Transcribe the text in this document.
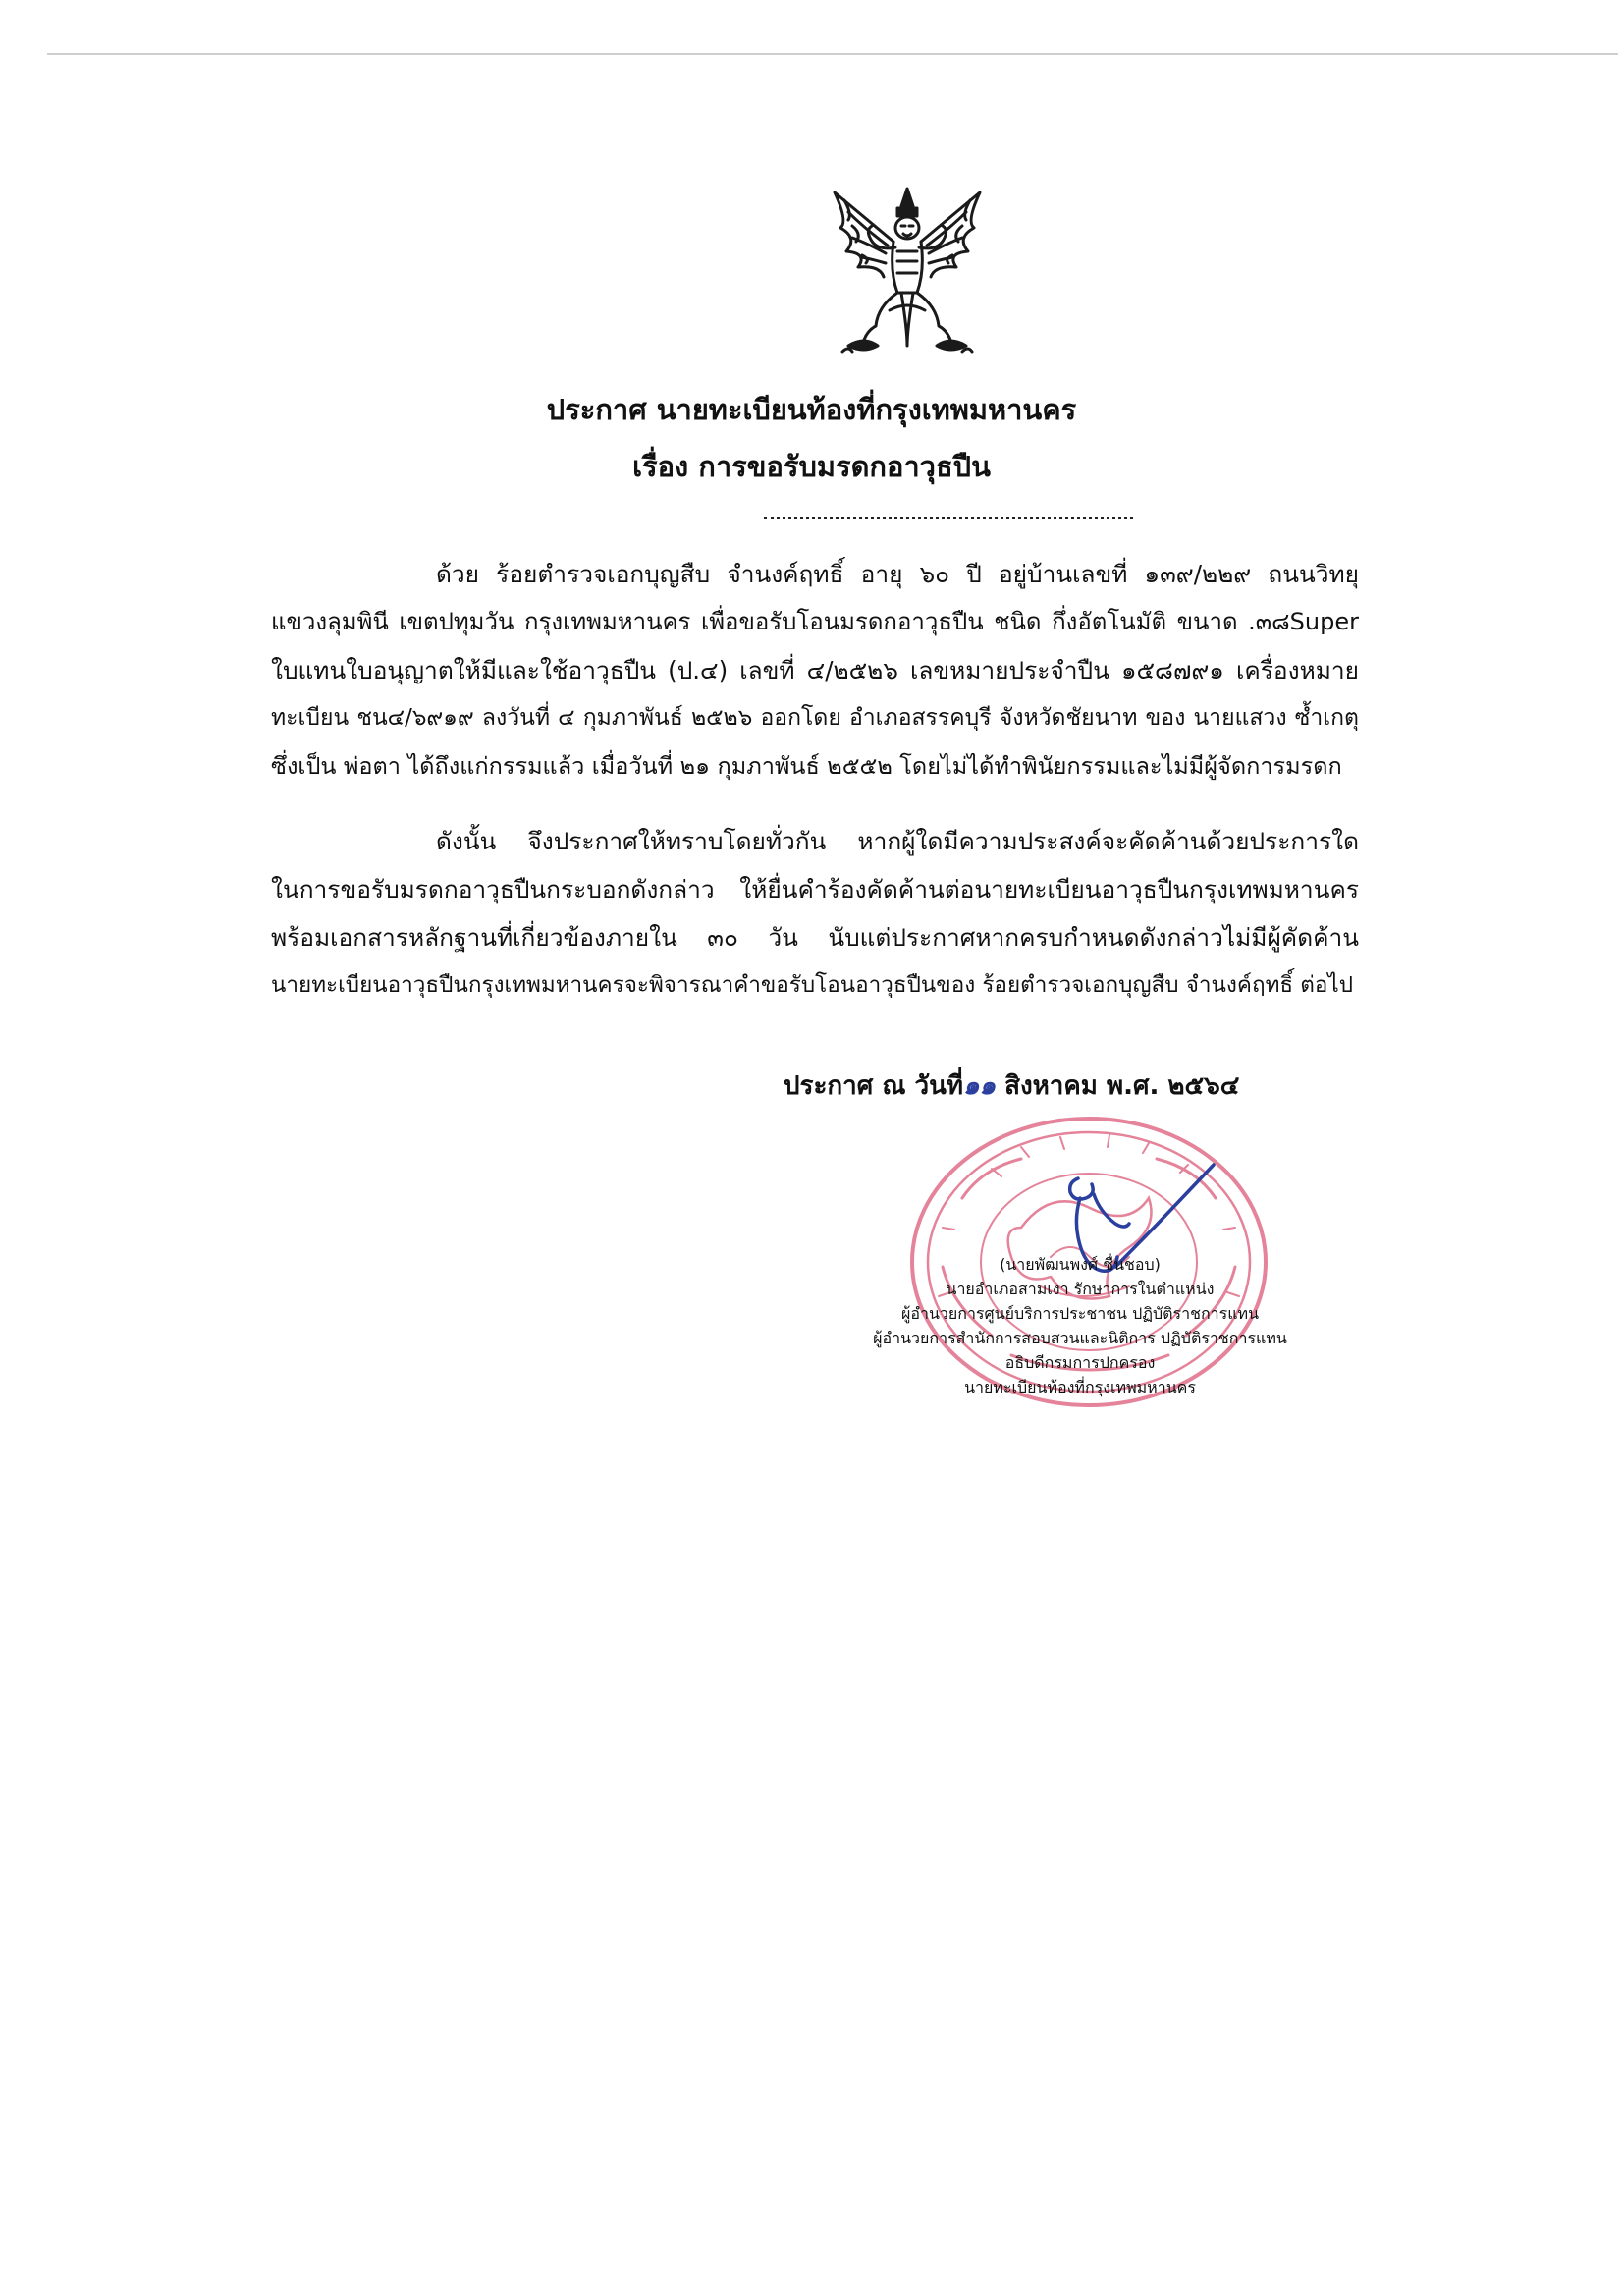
ประกาศ นายทะเบียนท้องที่กรุงเทพมหานคร
เรื่อง การขอรับมรดกอาวุธปืน
ด้วย ร้อยตำรวจเอกบุญสืบ จำนงค์ฤทธิ์ อายุ ๖๐ ปี อยู่บ้านเลขที่ ๑๓๙/๒๒๙ ถนนวิทยุ
แขวงลุมพินี เขตปทุมวัน กรุงเทพมหานคร เพื่อขอรับโอนมรดกอาวุธปืน ชนิด กึ่งอัตโนมัติ ขนาด .๓๘Super
ใบแทนใบอนุญาตให้มีและใช้อาวุธปืน (ป.๔) เลขที่ ๔/๒๕๒๖ เลขหมายประจำปืน ๑๕๘๗๙๑ เครื่องหมาย
ทะเบียน ชน๔/๖๙๑๙ ลงวันที่ ๔ กุมภาพันธ์ ๒๕๒๖ ออกโดย อำเภอสรรคบุรี จังหวัดชัยนาท ของ นายแสวง ซ้ำเกตุ
ซึ่งเป็น พ่อตา ได้ถึงแก่กรรมแล้ว เมื่อวันที่ ๒๑ กุมภาพันธ์ ๒๕๕๒ โดยไม่ได้ทำพินัยกรรมและไม่มีผู้จัดการมรดก
ดังนั้น จึงประกาศให้ทราบโดยทั่วกัน หากผู้ใดมีความประสงค์จะคัดค้านด้วยประการใด
ในการขอรับมรดกอาวุธปืนกระบอกดังกล่าว ให้ยื่นคำร้องคัดค้านต่อนายทะเบียนอาวุธปืนกรุงเทพมหานคร
พร้อมเอกสารหลักฐานที่เกี่ยวข้องภายใน ๓๐ วัน นับแต่ประกาศหากครบกำหนดดังกล่าวไม่มีผู้คัดค้าน
นายทะเบียนอาวุธปืนกรุงเทพมหานครจะพิจารณาคำขอรับโอนอาวุธปืนของ ร้อยตำรวจเอกบุญสืบ จำนงค์ฤทธิ์ ต่อไป
ประกาศ ณ วันที่๑๑ สิงหาคม พ.ศ. ๒๕๖๔
(นายพัฒนพงศ์ ชื่นชอบ)
นายอำเภอสามเงา รักษาการในตำแหน่ง
ผู้อำนวยการศูนย์บริการประชาชน ปฏิบัติราชการแทน
ผู้อำนวยการสำนักการสอบสวนและนิติการ ปฏิบัติราชการแทน
อธิบดีกรมการปกครอง
นายทะเบียนท้องที่กรุงเทพมหานคร
